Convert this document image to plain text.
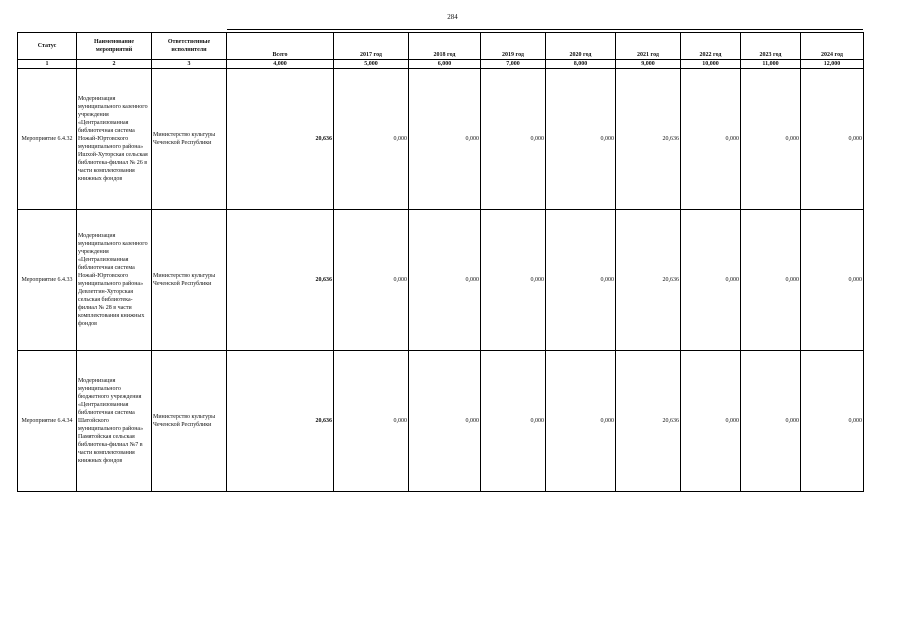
284
Статус	Наименование мероприятий	Ответственные исполнители	Всего	2017 год	2018 год	2019 год	2020 год	2021 год	2022 год	2023 год	2024 год
1	2	3	4,000	5,000	6,000	7,000	8,000	9,000	10,000	11,000	12,000
Мероприятие 6.4.32	Модернизация муниципального казенного учреждения «Централизованная библиотечная система Ножай-Юртовского муниципального района» Ишхой-Хуторская сельская библиотека-филиал № 26 в части комплектования книжных фондов	Министерство культуры Чеченской Республики	20,636	0,000	0,000	0,000	0,000	20,636	0,000	0,000	0,000
Мероприятие 6.4.33	Модернизация муниципального казенного учреждения «Централизованная библиотечная система Ножай-Юртовского муниципального района» Девлетгин-Хуторская сельская библиотека-филиал № 28 в части комплектования книжных фондов	Министерство культуры Чеченской Республики	20,636	0,000	0,000	0,000	0,000	20,636	0,000	0,000	0,000
Мероприятие 6.4.34	Модернизация муниципального бюджетного учреждения «Централизованная библиотечная система Шатойского муниципального района» Памятойская сельская библиотека-филиал №7 в части комплектования книжных фондов	Министерство культуры Чеченской Республики	20,636	0,000	0,000	0,000	0,000	20,636	0,000	0,000	0,000
